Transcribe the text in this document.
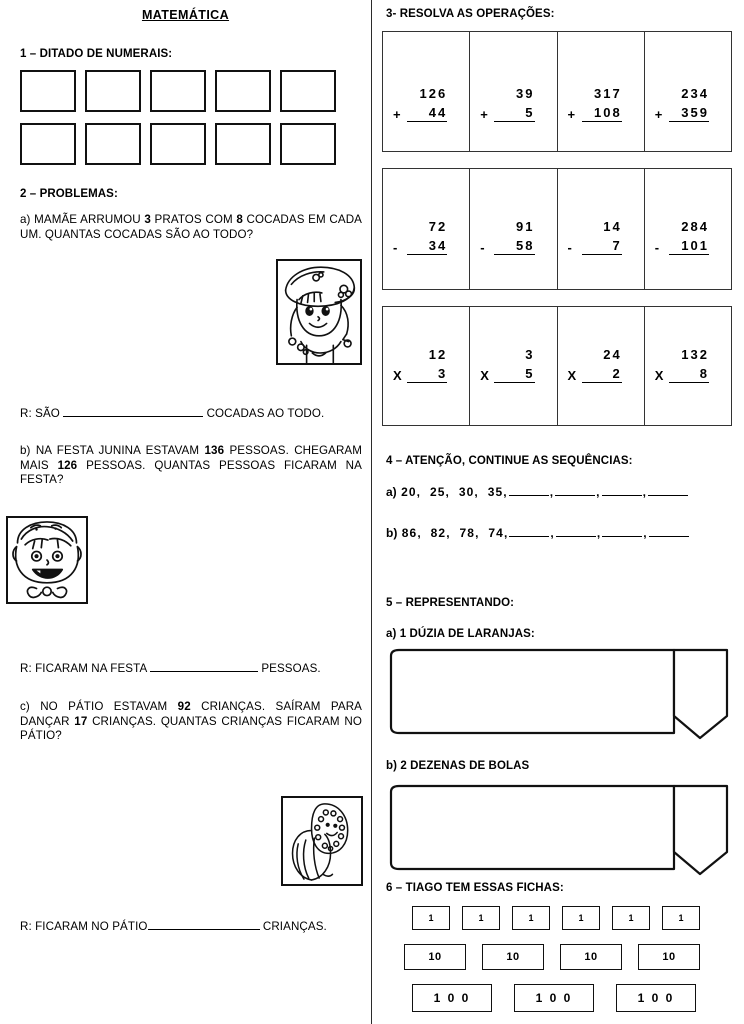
MATEMÁTICA
1 – DITADO DE NUMERAIS:
2 – PROBLEMAS:
a) MAMÃE ARRUMOU 3 PRATOS COM 8 COCADAS EM CADA UM. QUANTAS COCADAS SÃO AO TODO?
R: SÃO	COCADAS AO TODO.
b) NA FESTA JUNINA ESTAVAM 136 PESSOAS. CHEGARAM MAIS 126 PESSOAS. QUANTAS PESSOAS FICARAM NA FESTA?
R: FICARAM NA FESTA	PESSOAS.
c) NO PÁTIO ESTAVAM 92 CRIANÇAS. SAÍRAM PARA DANÇAR 17 CRIANÇAS. QUANTAS CRIANÇAS FICARAM NO PÁTIO?
R: FICARAM NO PÁTIO	CRIANÇAS.
3- RESOLVA AS OPERAÇÕES:
126
+	44
39
+	5
317
+	108
234
+	359
72
-	34
91
-	58
14
-	7
284
-	101
12
X	3
3
X	5
24
X	2
132
X	8
4 – ATENÇÃO, CONTINUE AS SEQUÊNCIAS:
a) 20,  25,  30,  35,	,	,	,
b) 86,  82,  78,  74,	,	,	,
5 – REPRESENTANDO:
a) 1 DÚZIA DE LARANJAS:
b) 2 DEZENAS DE BOLAS
6 – TIAGO TEM ESSAS FICHAS:
1	1	1	1	1	1
10	10	10	10
1 0 0	1 0 0	1 0 0
